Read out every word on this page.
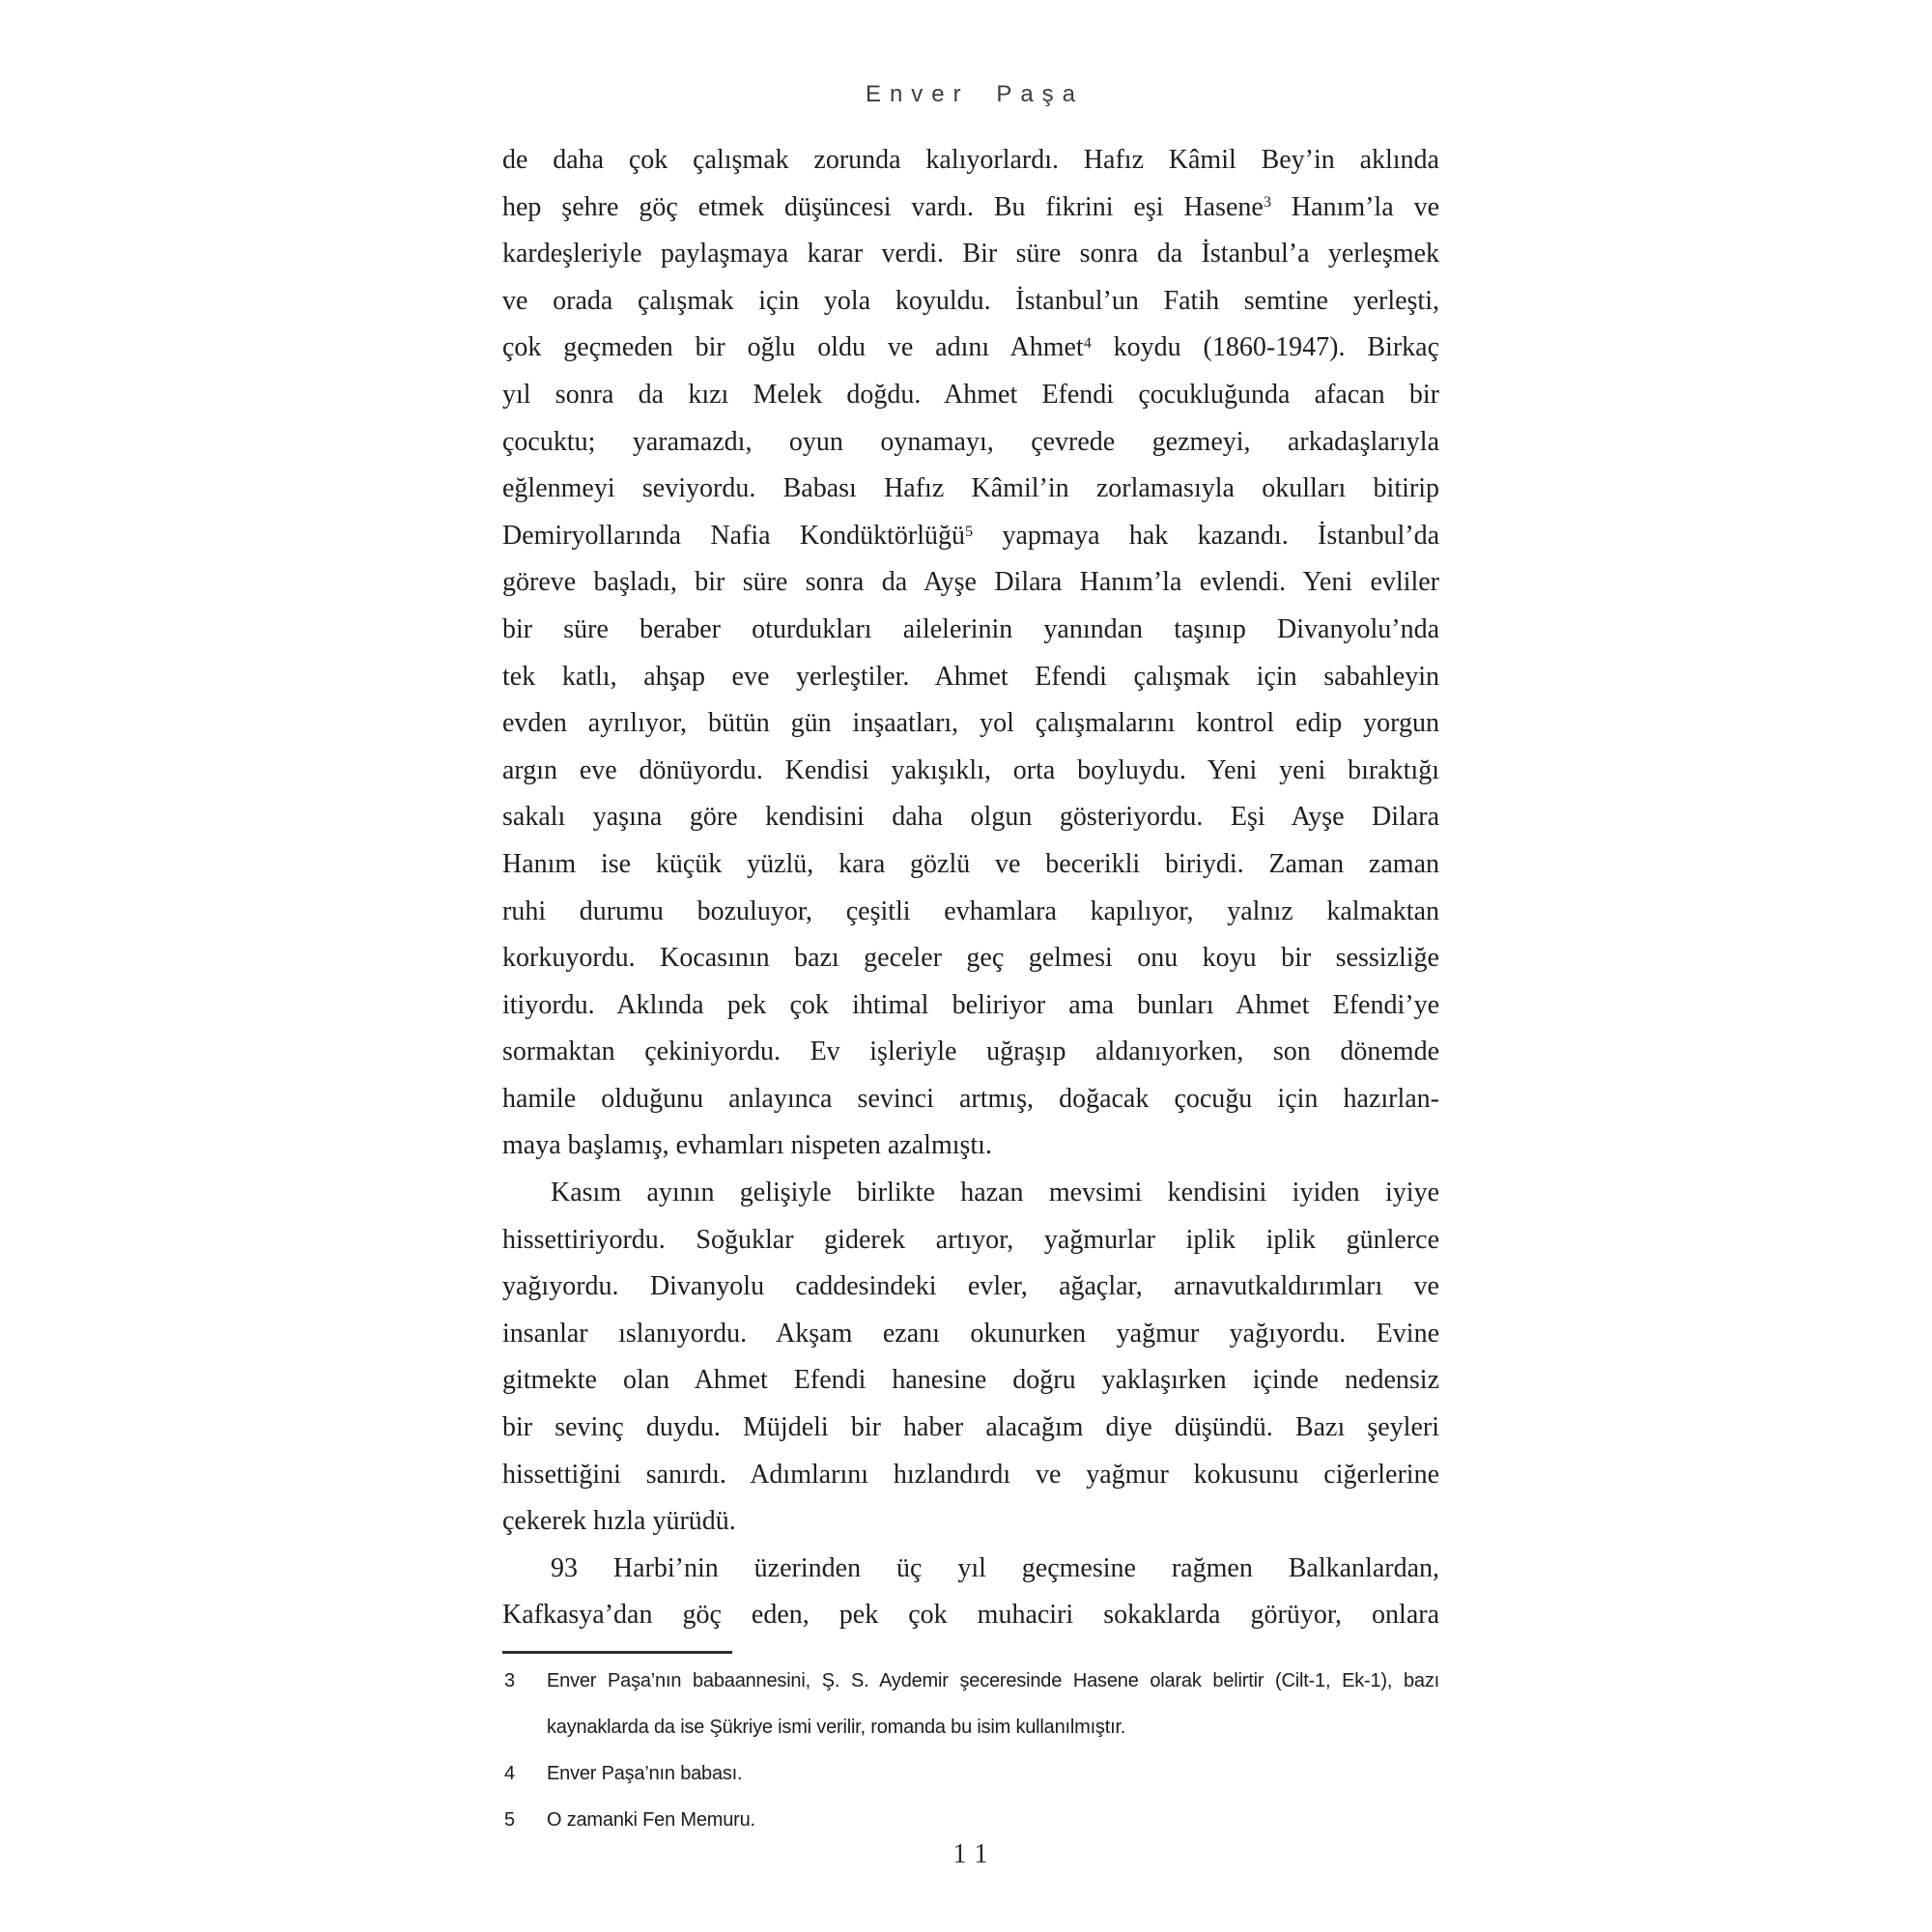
Enver Paşa
de daha çok çalışmak zorunda kalıyorlardı. Hafız Kâmil Bey’in aklında
hep şehre göç etmek düşüncesi vardı. Bu fikrini eşi Hasene$^3$ Hanım’la ve
kardeşleriyle paylaşmaya karar verdi. Bir süre sonra da İstanbul’a yerleşmek
ve orada çalışmak için yola koyuldu. İstanbul’un Fatih semtine yerleşti,
çok geçmeden bir oğlu oldu ve adını Ahmet$^4$ koydu (1860-1947). Birkaç
yıl sonra da kızı Melek doğdu. Ahmet Efendi çocukluğunda afacan bir
çocuktu; yaramazdı, oyun oynamayı, çevrede gezmeyi, arkadaşlarıyla
eğlenmeyi seviyordu. Babası Hafız Kâmil’in zorlamasıyla okulları bitirip
Demiryollarında Nafia Kondüktörlüğü$^5$ yapmaya hak kazandı. İstanbul’da
göreve başladı, bir süre sonra da Ayşe Dilara Hanım’la evlendi. Yeni evliler
bir süre beraber oturdukları ailelerinin yanından taşınıp Divanyolu’nda
tek katlı, ahşap eve yerleştiler. Ahmet Efendi çalışmak için sabahleyin
evden ayrılıyor, bütün gün inşaatları, yol çalışmalarını kontrol edip yorgun
argın eve dönüyordu. Kendisi yakışıklı, orta boyluydu. Yeni yeni bıraktığı
sakalı yaşına göre kendisini daha olgun gösteriyordu. Eşi Ayşe Dilara
Hanım ise küçük yüzlü, kara gözlü ve becerikli biriydi. Zaman zaman
ruhi durumu bozuluyor, çeşitli evhamlara kapılıyor, yalnız kalmaktan
korkuyordu. Kocasının bazı geceler geç gelmesi onu koyu bir sessizliğe
itiyordu. Aklında pek çok ihtimal beliriyor ama bunları Ahmet Efendi’ye
sormaktan çekiniyordu. Ev işleriyle uğraşıp aldanıyorken, son dönemde
hamile olduğunu anlayınca sevinci artmış, doğacak çocuğu için hazırlan-
maya başlamış, evhamları nispeten azalmıştı.
Kasım ayının gelişiyle birlikte hazan mevsimi kendisini iyiden iyiye
hissettiriyordu. Soğuklar giderek artıyor, yağmurlar iplik iplik günlerce
yağıyordu. Divanyolu caddesindeki evler, ağaçlar, arnavutkaldırımları ve
insanlar ıslanıyordu. Akşam ezanı okunurken yağmur yağıyordu. Evine
gitmekte olan Ahmet Efendi hanesine doğru yaklaşırken içinde nedensiz
bir sevinç duydu. Müjdeli bir haber alacağım diye düşündü. Bazı şeyleri
hissettiğini sanırdı. Adımlarını hızlandırdı ve yağmur kokusunu ciğerlerine
çekerek hızla yürüdü.
93 Harbi’nin üzerinden üç yıl geçmesine rağmen Balkanlardan,
Kafkasya’dan göç eden, pek çok muhaciri sokaklarda görüyor, onlara
3 Enver Paşa’nın babaannesini, Ş. S. Aydemir şeceresinde Hasene olarak belirtir (Cilt-1, Ek-1), bazı
kaynaklarda da ise Şükriye ismi verilir, romanda bu isim kullanılmıştır.
4 Enver Paşa’nın babası.
5 O zamanki Fen Memuru.
11
